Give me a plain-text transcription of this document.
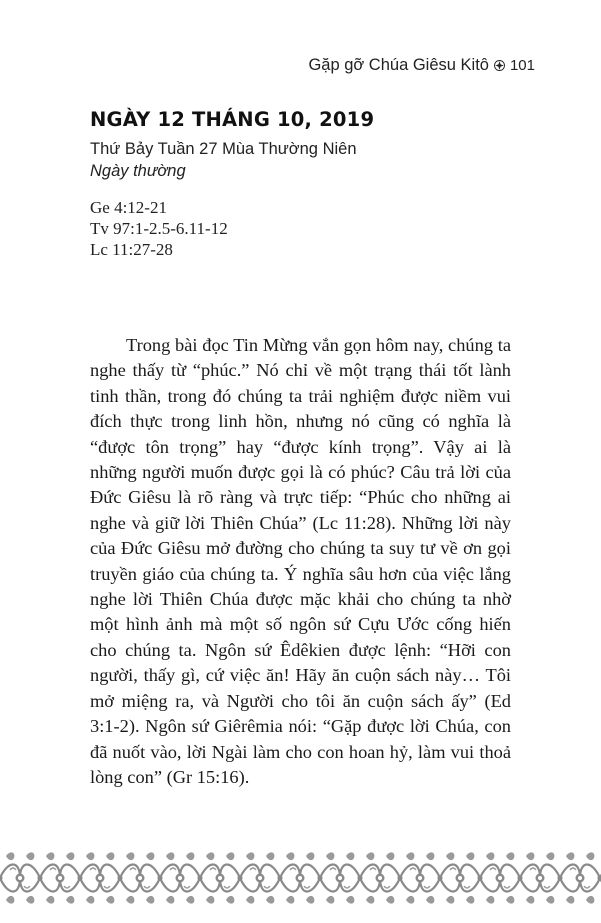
Gặp gỡ Chúa Giêsu Kitô 101
NGÀY 12 THÁNG 10, 2019
Thứ Bảy Tuần 27 Mùa Thường Niên
Ngày thường
Ge 4:12-21
Tv 97:1-2.5-6.11-12
Lc 11:27-28

Trong bài đọc Tin Mừng vắn gọn hôm nay, chúng ta nghe thấy từ “phúc.” Nó chỉ về một trạng thái tốt lành tinh thần, trong đó chúng ta trải nghiệm được niềm vui đích thực trong linh hồn, nhưng nó cũng có nghĩa là “được tôn trọng” hay “được kính trọng”. Vậy ai là những người muốn được gọi là có phúc? Câu trả lời của Đức Giêsu là rõ ràng và trực tiếp: “Phúc cho những ai nghe và giữ lời Thiên Chúa” (Lc 11:28). Những lời này của Đức Giêsu mở đường cho chúng ta suy tư về ơn gọi truyền giáo của chúng ta. Ý nghĩa sâu hơn của việc lắng nghe lời Thiên Chúa được mặc khải cho chúng ta nhờ một hình ảnh mà một số ngôn sứ Cựu Ước cống hiến cho chúng ta. Ngôn sứ Êdêkien được lệnh: “Hỡi con người, thấy gì, cứ việc ăn! Hãy ăn cuộn sách này… Tôi mở miệng ra, và Người cho tôi ăn cuộn sách ấy” (Ed 3:1-2). Ngôn sứ Giêrêmia nói: “Gặp được lời Chúa, con đã nuốt vào, lời Ngài làm cho con hoan hỷ, làm vui thoả lòng con” (Gr 15:16).
